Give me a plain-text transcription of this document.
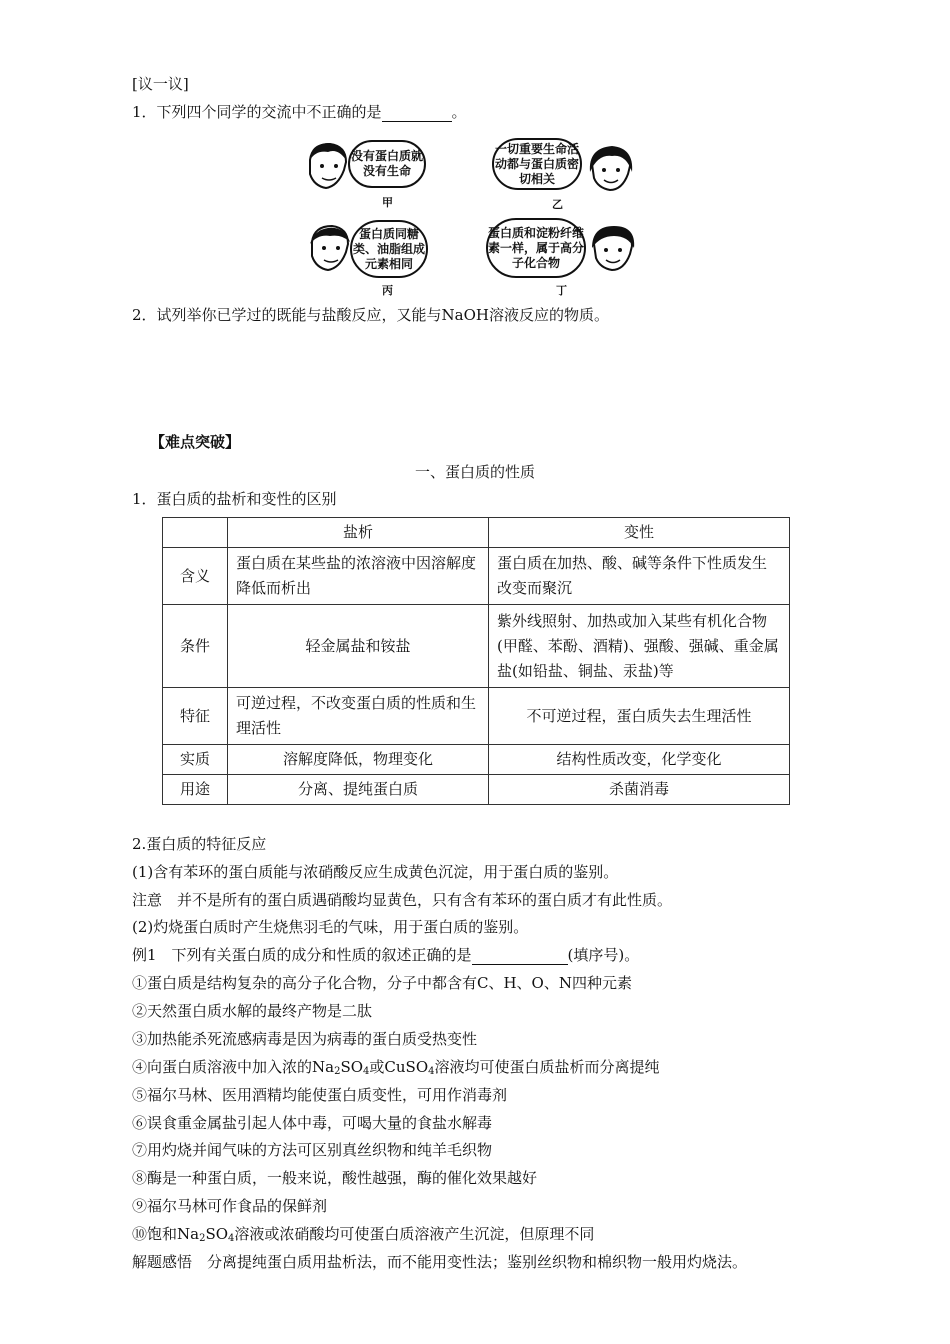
[议一议]
1．下列四个同学的交流中不正确的是	。
没有蛋白质就没有生命
甲
一切重要生命活动都与蛋白质密切相关
乙
蛋白质同糖类、油脂组成元素相同
丙
蛋白质和淀粉纤维素一样，属于高分子化合物
丁
2．试列举你已学过的既能与盐酸反应，又能与NaOH溶液反应的物质。
【难点突破】
一、蛋白质的性质
1．蛋白质的盐析和变性的区别
	盐析	变性
含义	蛋白质在某些盐的浓溶液中因溶解度降低而析出	蛋白质在加热、酸、碱等条件下性质发生改变而聚沉
条件	轻金属盐和铵盐	紫外线照射、加热或加入某些有机化合物(甲醛、苯酚、酒精)、强酸、强碱、重金属盐(如铅盐、铜盐、汞盐)等
特征	可逆过程，不改变蛋白质的性质和生理活性	不可逆过程，蛋白质失去生理活性
实质	溶解度降低，物理变化	结构性质改变，化学变化
用途	分离、提纯蛋白质	杀菌消毒
2.蛋白质的特征反应
(1)含有苯环的蛋白质能与浓硝酸反应生成黄色沉淀，用于蛋白质的鉴别。
注意　并不是所有的蛋白质遇硝酸均显黄色，只有含有苯环的蛋白质才有此性质。
(2)灼烧蛋白质时产生烧焦羽毛的气味，用于蛋白质的鉴别。
例1　下列有关蛋白质的成分和性质的叙述正确的是	(填序号)。
①蛋白质是结构复杂的高分子化合物，分子中都含有C、H、O、N四种元素
②天然蛋白质水解的最终产物是二肽
③加热能杀死流感病毒是因为病毒的蛋白质受热变性
④向蛋白质溶液中加入浓的$Na_2SO_4$或CuSO$_4$溶液均可使蛋白质盐析而分离提纯
⑤福尔马林、医用酒精均能使蛋白质变性，可用作消毒剂
⑥误食重金属盐引起人体中毒，可喝大量的食盐水解毒
⑦用灼烧并闻气味的方法可区别真丝织物和纯羊毛织物
⑧酶是一种蛋白质，一般来说，酸性越强，酶的催化效果越好
⑨福尔马林可作食品的保鲜剂
⑩饱和$Na_2SO_4$溶液或浓硝酸均可使蛋白质溶液产生沉淀，但原理不同
解题感悟　分离提纯蛋白质用盐析法，而不能用变性法；鉴别丝织物和棉织物一般用灼烧法。
